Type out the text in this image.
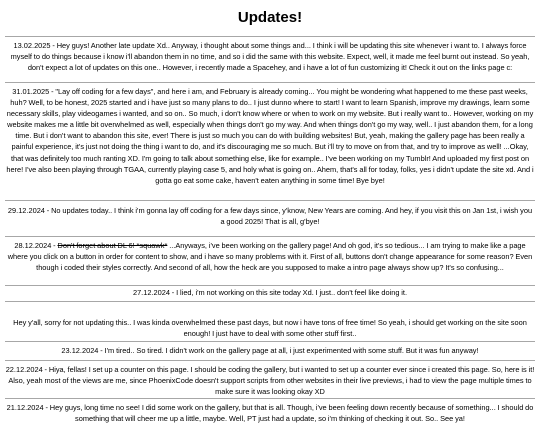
Updates!
13.02.2025 - Hey guys! Another late update Xd.. Anyway, i thought about some things and... I think i will be updating this site whenever i want to. I always force myself to do things because i know i'll abandon them in no time, and so i did the same with this website. Expect, well, it made me feel burnt out instead. So yeah, don't expect a lot of updates on this one.. However, i recently made a Spacehey, and i have a lot of fun customizing it! Check it out on the links page c:
31.01.2025 - "Lay off coding for a few days", and here i am, and February is already coming... You might be wondering what happened to me these past weeks, huh? Well, to be honest, 2025 started and i have just so many plans to do.. I just dunno where to start! I want to learn Spanish, improve my drawings, learn some necessary skills, play videogames i wanted, and so on.. So much, i don't know where or when to work on my website. But i really want to.. However, working on my website makes me a little bit overwhelmed as well, especially when things don't go my way. And when things don't go my way, well.. I just abandon them, for a long time. But i don't want to abandon this site, ever! There is just so much you can do with building websites! But, yeah, making the gallery page has been really a painful experience, it's just not doing the thing i want to do, and it's discouraging me so much. But i'll try to move on from that, and try to improve as well! ...Okay, that was definitely too much ranting XD. I'm going to talk about something else, like for example.. I've been working on my Tumblr! And uploaded my first post on here! I've also been playing through TGAA, currently playing case 5, and holy what is going on.. Ahem, that's all for today, folks, yes i didn't update the site xd. And i gotta go eat some cake, haven't eaten anything in some time! Bye bye!
29.12.2024 - No updates today.. I think i'm gonna lay off coding for a few days since, y'know, New Years are coming. And hey, if you visit this on Jan 1st, i wish you a good 2025! That is all, g'bye!
28.12.2024 - Don't forget about DL 6! *squawk* ...Anyways, i've been working on the gallery page! And oh god, it's so tedious... I am trying to make like a page where you click on a button in order for content to show, and i have so many problems with it. First of all, buttons don't change appearance for some reason? Even though i coded their styles correctly. And second of all, how the heck are you supposed to make a intro page always show up? It's so confusing...
27.12.2024 - I lied, i'm not working on this site today Xd. I just.. don't feel like doing it.
Hey y'all, sorry for not updating this.. I was kinda overwhelmed these past days, but now i have tons of free time! So yeah, i should get working on the site soon enough! I just have to deal with some other stuff first..
23.12.2024 - I'm tired.. So tired. I didn't work on the gallery page at all, i just experimented with some stuff. But it was fun anyway!
22.12.2024 - Hiya, fellas! I set up a counter on this page. I should be coding the gallery, but i wanted to set up a counter ever since i created this page. So, here is it! Also, yeah most of the views are me, since PhoenixCode doesn't support scripts from other websites in their live previews, i had to view the page multiple times to make sure it was looking okay XD
21.12.2024 - Hey guys, long time no see! I did some work on the gallery, but that is all. Though, i've been feeling down recently because of something... I should do something that will cheer me up a little, maybe. Well, PT just had a update, so i'm thinking of checking it out. So.. See ya!
